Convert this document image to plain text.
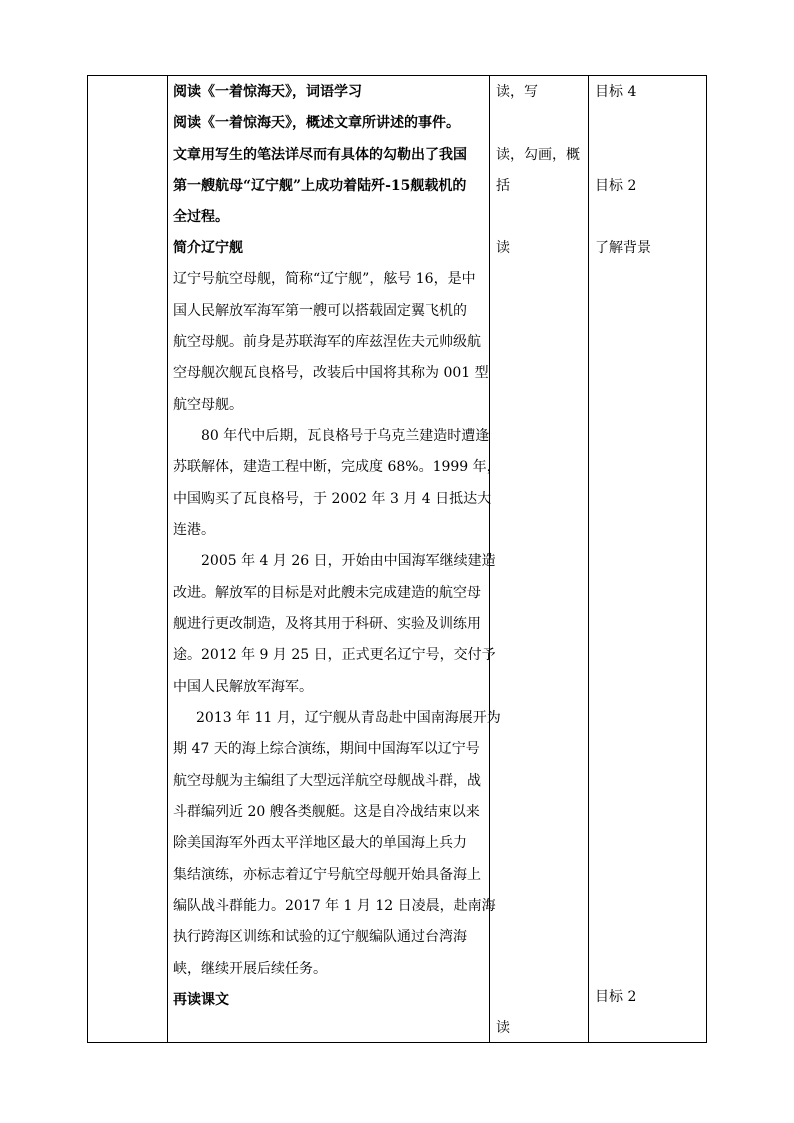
阅读《一着惊海天》，词语学习
阅读《一着惊海天》，概述文章所讲述的事件。
文章用写生的笔法详尽而有具体的勾勒出了我国
第一艘航母“辽宁舰”上成功着陆歼-15舰载机的
全过程。
简介辽宁舰
辽宁号航空母舰，简称“辽宁舰”，舷号 16，是中
国人民解放军海军第一艘可以搭载固定翼飞机的
航空母舰。前身是苏联海军的库兹涅佐夫元帅级航
空母舰次舰瓦良格号，改装后中国将其称为 001 型
航空母舰。
80 年代中后期，瓦良格号于乌克兰建造时遭逢
苏联解体，建造工程中断，完成度 68%。1999 年，
中国购买了瓦良格号，于 2002 年 3 月 4 日抵达大
连港。
2005 年 4 月 26 日，开始由中国海军继续建造
改进。解放军的目标是对此艘未完成建造的航空母
舰进行更改制造，及将其用于科研、实验及训练用
途。2012 年 9 月 25 日，正式更名辽宁号，交付予
中国人民解放军海军。
2013 年 11 月，辽宁舰从青岛赴中国南海展开为
期 47 天的海上综合演练，期间中国海军以辽宁号
航空母舰为主编组了大型远洋航空母舰战斗群，战
斗群编列近 20 艘各类舰艇。这是自冷战结束以来
除美国海军外西太平洋地区最大的单国海上兵力
集结演练，亦标志着辽宁号航空母舰开始具备海上
编队战斗群能力。2017 年 1 月 12 日凌晨，赴南海
执行跨海区训练和试验的辽宁舰编队通过台湾海
峡，继续开展后续任务。
再读课文
读，写
读，勾画，概
括
读
读
目标 4
目标 2
了解背景
目标 2
